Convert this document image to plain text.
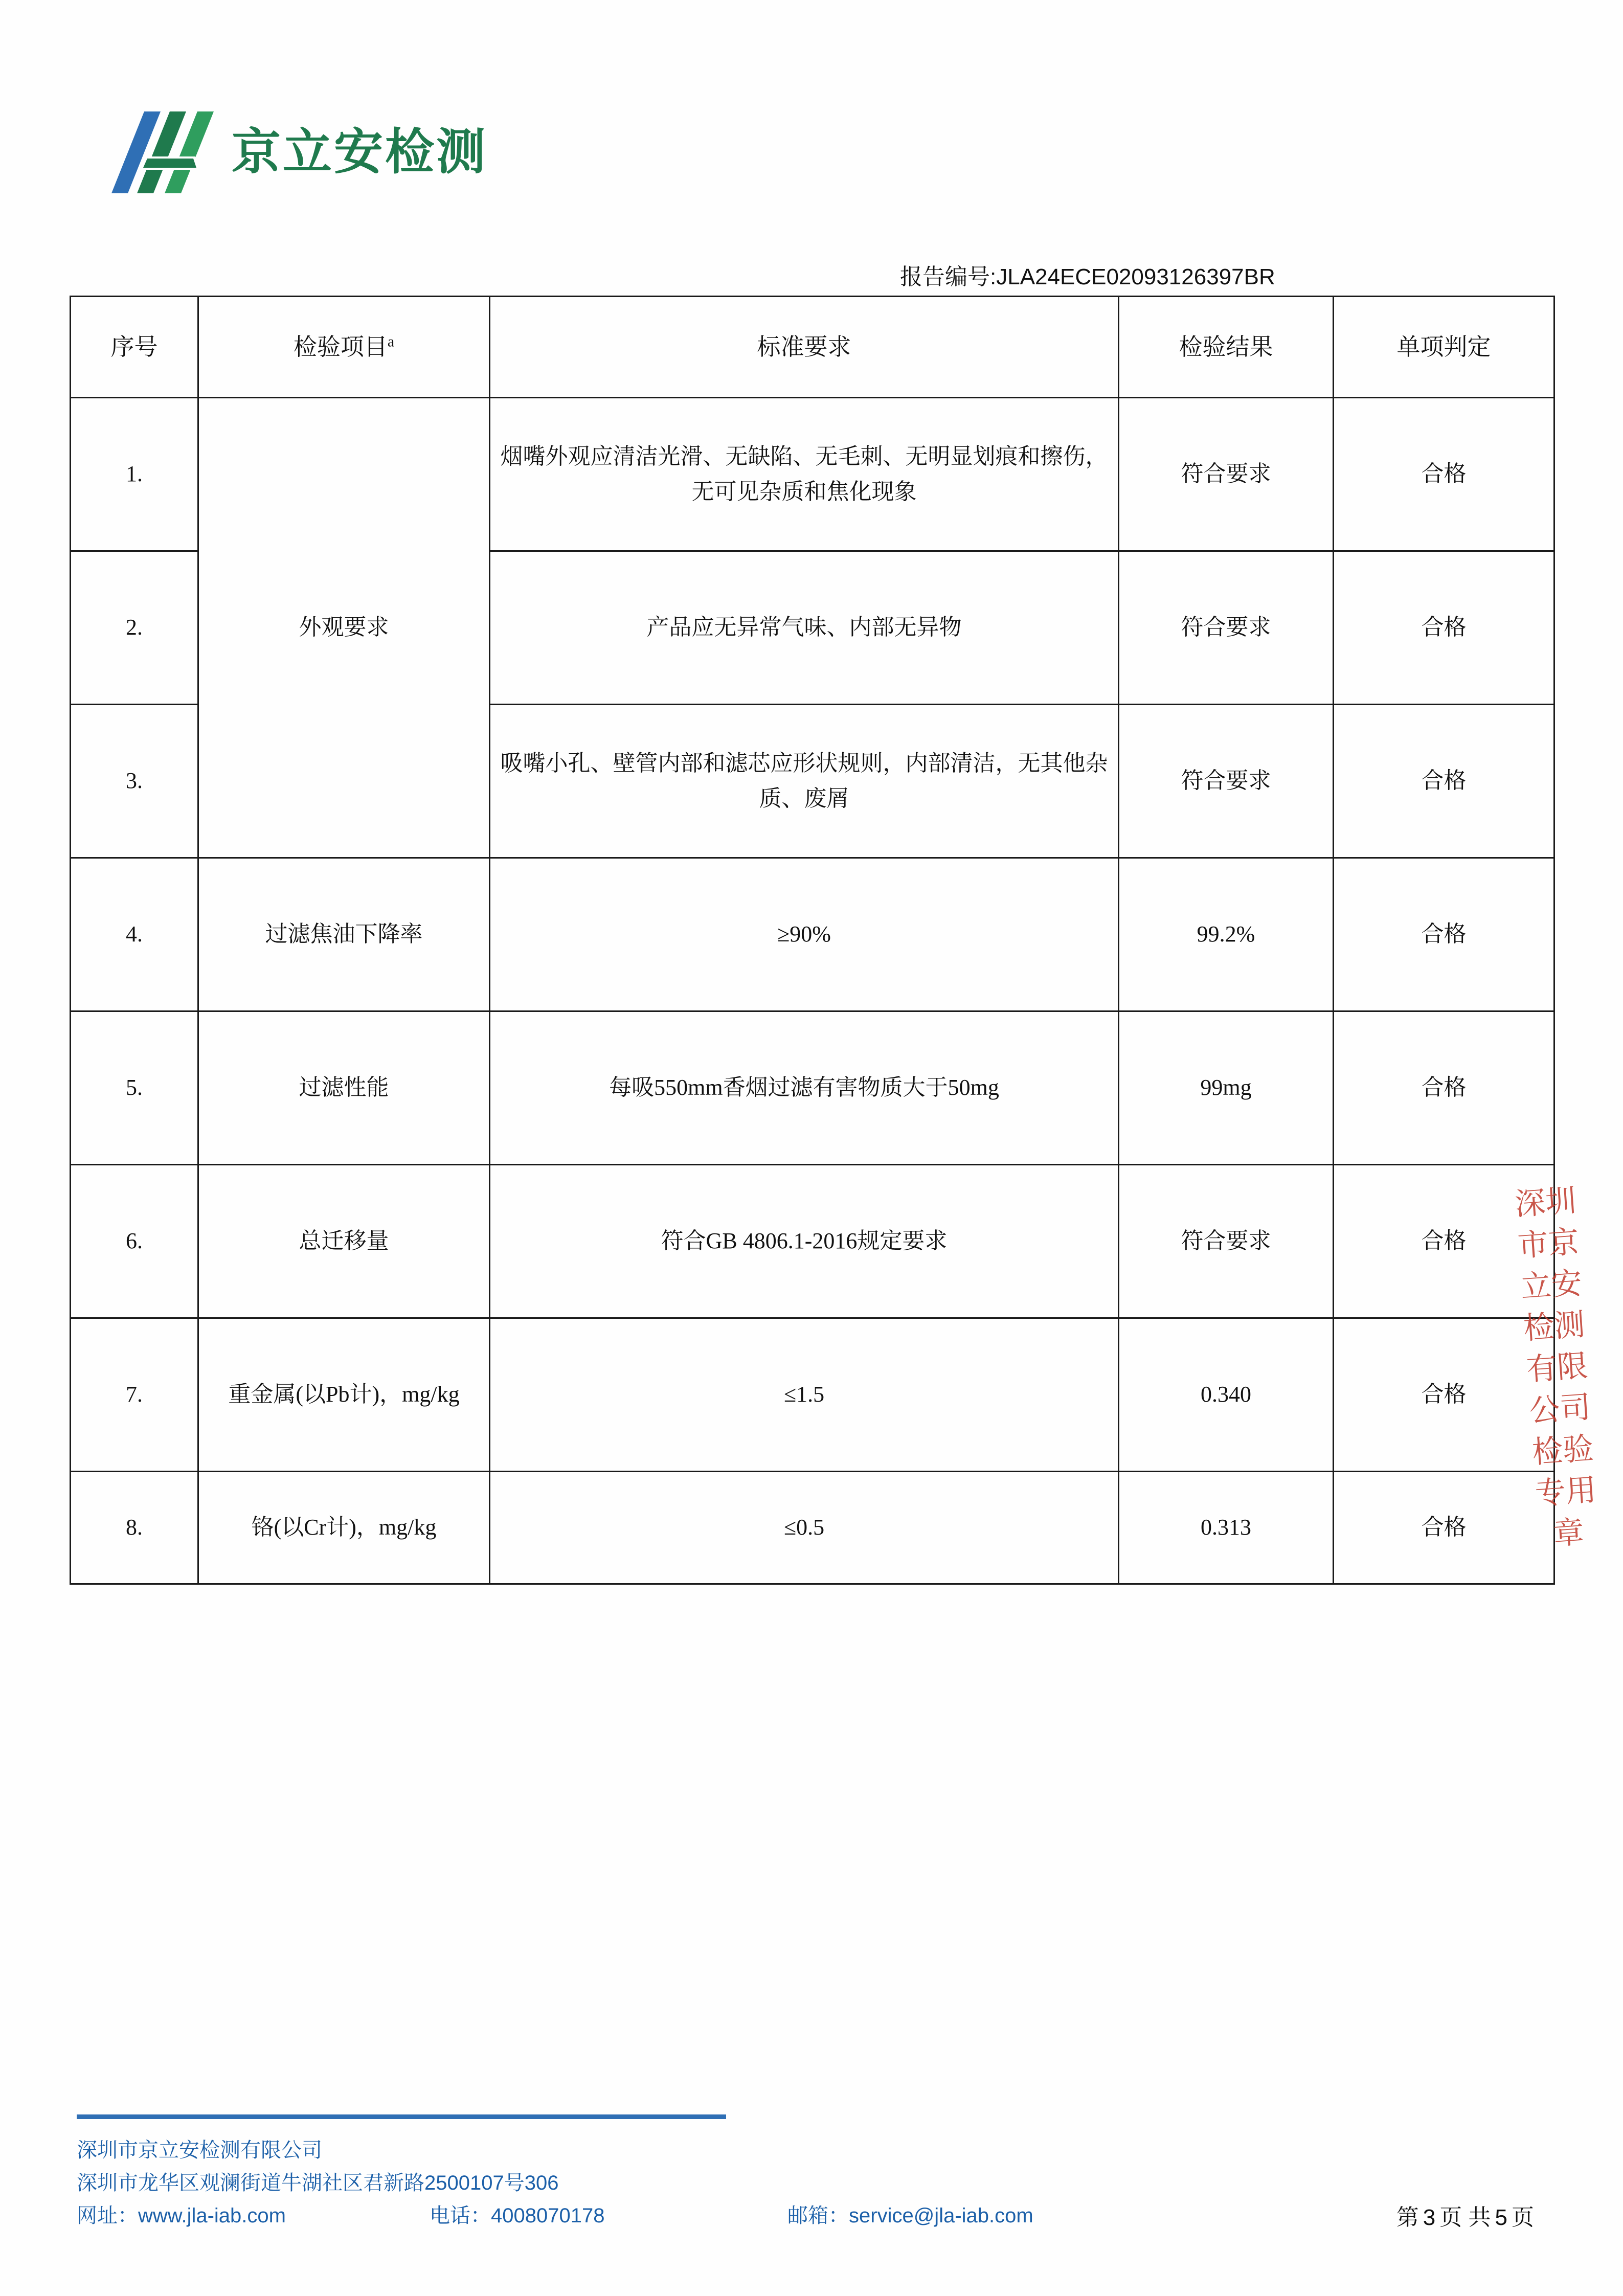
京立安检测
报告编号:JLA24ECE02093126397BR
序号	检验项目$^a$	标准要求	检验结果	单项判定
1.	外观要求	烟嘴外观应清洁光滑、无缺陷、无毛刺、无明显划痕和擦伤，无可见杂质和焦化现象	符合要求	合格
2.		产品应无异常气味、内部无异物	符合要求	合格
3.		吸嘴小孔、壁管内部和滤芯应形状规则，内部清洁，无其他杂质、废屑	符合要求	合格
4.	过滤焦油下降率	≥90%	99.2%	合格
5.	过滤性能	每吸550mm香烟过滤有害物质大于50mg	99mg	合格
6.	总迁移量	符合GB 4806.1-2016规定要求	符合要求	合格
7.	重金属(以Pb计)，mg/kg	≤1.5	0.340	合格
8.	铬(以Cr计)，mg/kg	≤0.5	0.313	合格
深圳市京立安检测有限公司检验专用章
深圳市京立安检测有限公司
深圳市龙华区观澜街道牛湖社区君新路2500107号306
网址：www.jla-iab.com	电话：4008070178	邮箱：service@jla-iab.com	第 3 页 共 5 页
